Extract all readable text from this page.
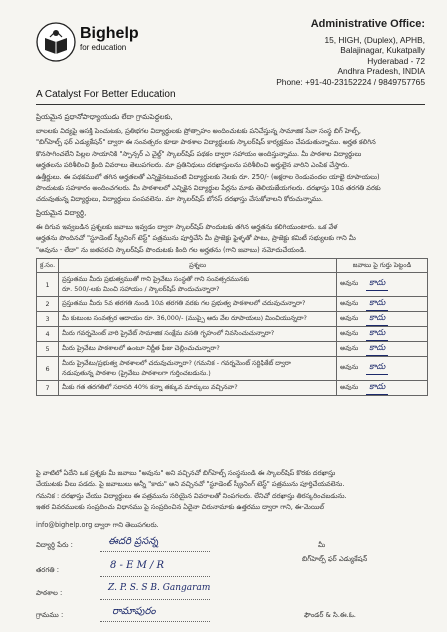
Bighelp
for education
A Catalyst For Better Education
Administrative Office:
15, HIGH, (Duplex), APHB,
Balajinagar, Kukatpally
Hyderabad - 72
Andhra Pradesh, INDIA
Phone: +91-40-23152224 / 9849757765
ప్రియమైన ప్రధానోపాధ్యాయుడు లేదా గ్రామపెద్దలకు,
బాలలకు విద్యపై ఆసక్తి పెంచుటకు, ప్రతిభగల విద్యార్థులకు ప్రోత్సాహం అందించుటకు పనిచేస్తున్న సామాజిక సేవా సంస్థ బిగ్ హెల్ప్,
"బిగ్‌హెల్ప్ ఫర్ ఎడ్యుకేషన్" ద్వారా ఈ సంవత్సరం కూడా పాఠశాల విద్యార్థులకు స్కాలర్‌షిప్ కార్యక్రమం చేపడుతున్నాము. అర్హత కలిగిన
కొనసాగించలేని పిల్లల సాయానికి "స్పాన్సర్ ఎ చైల్డ్" స్కాలర్‌షిప్ పథకం ద్వారా సహాయం అందిస్తున్నాము. మీ పాఠశాల విద్యార్థులు
అర్హతలను పరిశీలించి క్రింది వివరాలు తెలుపగలరు. మా ప్రతినిధులు దరఖాస్తులను పరిశీలించి అర్హులైన వారిని ఎంపిక చేస్తారు.
ఉత్తీర్ణులు. ఈ పథకములో తగిన అర్హతలతో ఎన్నికైనటువంటి విద్యార్థులకు నెలకు రూ. 250/- (అక్షరాల రెండువందల యాభై రూపాయలు)
పొందుటకు సహకారం అందించగలరు. మీ పాఠశాలలో ఎన్నికైన విద్యార్థుల పేర్లను మాకు తెలియజేయగలరు. దరఖాస్తు 10వ తరగతి వరకు
చదువుతున్న విద్యార్థులు, విద్యార్థులు పంపవలెను. మా స్కాలర్‌షిప్ బోనస్ దరఖాస్తు చేసుకోవాలని కోరుచున్నాము.
ప్రియమైన విద్యార్థి,
ఈ దిగువ ఇవ్వబడిన ప్రశ్నలకు జవాబు ఇవ్వడం ద్వారా స్కాలర్‌షిప్ పొందుటకు తగిన అర్హతను కలిగియుంటారు. ఒక వేళ
అర్హతను పొందినచో "స్టూడెంట్ స్క్రీనింగ్ టెస్ట్" పత్రమును పూర్తిచేసి మీ ప్రాజెక్టు ఫైళ్ళతో పాటు, ప్రాజెక్టు కమిటీ సభ్యులకు గాని మీ
"అవును - లేదా" ను జతపరచి స్కాలర్‌షిప్ పొందుటకు కింది గల అర్హతను (గాని జవాబు) నమోదుచేయండి.
క్ర.సం.	ప్రశ్నలు	జవాబు పై గుర్తు పెట్టండి
1	ప్రస్తుతము మీరు ప్రభుత్వముతో గాని ప్రైవేటు సంస్థతో గాని సంవత్సరమునకు
రూ. 500/-లకు మించి సహాయం / స్కాలర్‌షిప్ పొందుచున్నారా?	అవును కాదు
2	ప్రస్తుతము మీరు 5వ తరగతి నుండి 10వ తరగతి వరకు గల ప్రభుత్వ పాఠశాలలో చదువుచున్నారా?	అవును కాదు
3	మీ కుటుంబ సంవత్సర ఆదాయం రూ. 36,000/- (ముప్పై ఆరు వేల రూపాయలు) మించియున్నదా?	అవును కాదు
4	మీరు గవర్నమెంట్ వారి ప్రైవేట్ సామాజిక సంక్షేమ వసతి గృహంలో నివసించుచున్నారా?	అవును కాదు
5	మీరు ప్రైవేటు పాఠశాలలో ఉంటూ నిర్ణీత ఫీజు చెల్లించుచున్నారా?	అవును కాదు
6	మీరు ప్రైవేటు/ప్రభుత్వ పాఠశాలలో చదువుచున్నారా? (గమనిక - గవర్నమెంట్ సర్టిఫికేట్ ద్వారా
నడుపుతున్న పాఠశాల (ప్రైవేటు పాఠశాలగా గుర్తించబడును.)	అవును కాదు
7	మీకు గత తరగతిలో సరాసరి 40% కన్నా తక్కువ మార్కులు వచ్చినవా?	అవును కాదు
పై వాటిలో ఏదేని ఒక ప్రశ్నకు మీ జవాబు "అవును" అని వచ్చినచో బిగ్‌హెల్ప్ సంస్థనుండి ఈ స్కాలర్‌షిప్ కొరకు దరఖాస్తు
చేయుటకు వీలు పడదు. పై జవాబులు అన్నీ "కాదు" అని వచ్చినచో "స్టూడెంట్ స్క్రీనింగ్ టెస్ట్" పత్రమును పూర్తిచేయవలెను.
గమనిక : దరఖాస్తు చేయు విద్యార్థులు ఈ పత్రమును సరియైన వివరాలతో నింపగలరు. లేనిచో దరఖాస్తు తిరస్కరించబడును.
ఇతర వివరములకు సంప్రదించు విధానము పై సంప్రదించిన ఏదైనా చిరునామాకు ఉత్తరము ద్వారా గాని, ఈ-మెయిల్
info@bighelp.org ద్వారా గాని తెలుపగలరు.
విద్యార్థి పేరు :	ఈదరి ప్రసన్న
తరగతి :	8 - E M / R
పాఠశాల :	Z. P. S. S B. Gangaram
గ్రామము :	రామాపురం
మీ
బిగ్‌హెల్ప్ ఫర్ ఎడ్యుకేషన్
ఫౌండర్ & సి.ఈ.ఓ.
